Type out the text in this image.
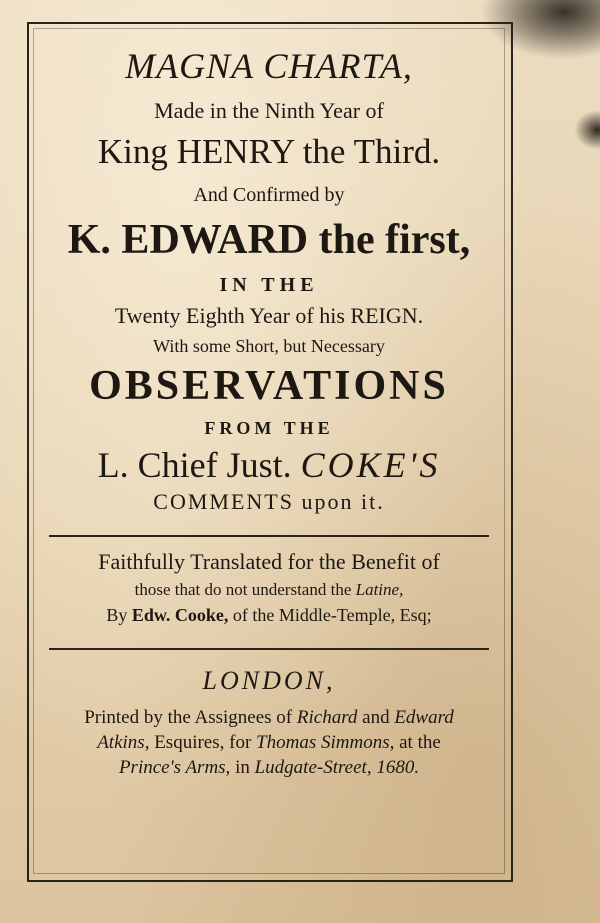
MAGNA CHARTA,
Made in the Ninth Year of
King HENRY the Third.
And Confirmed by
K. EDWARD the first,
IN THE
Twenty Eighth Year of his REIGN.
With some Short, but Necessary
OBSERVATIONS
FROM THE
L. Chief Just. COKE'S
COMMENTS upon it.
Faithfully Translated for the Benefit of
those that do not understand the Latine,
By Edw. Cooke, of the Middle-Temple, Esq;
LONDON,
Printed by the Assignees of Richard and Edward
Atkins, Esquires, for Thomas Simmons, at the
Prince's Arms, in Ludgate-Street, 1680.
